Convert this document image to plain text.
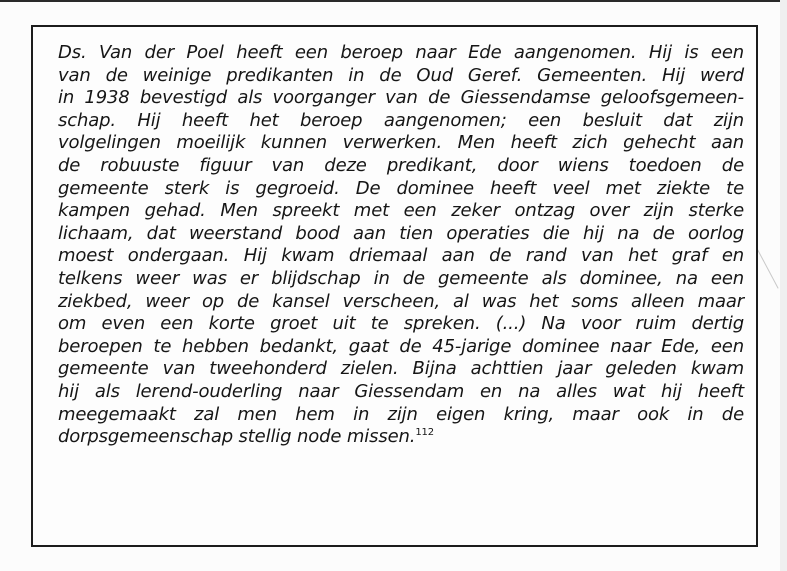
Ds. Van der Poel heeft een beroep naar Ede aangenomen. Hij is een
van de weinige predikanten in de Oud Geref. Gemeenten. Hij werd
in 1938 bevestigd als voorganger van de Giessendamse geloofsgemeen-
schap. Hij heeft het beroep aangenomen; een besluit dat zijn
volgelingen moeilijk kunnen verwerken. Men heeft zich gehecht aan
de robuuste figuur van deze predikant, door wiens toedoen de
gemeente sterk is gegroeid. De dominee heeft veel met ziekte te
kampen gehad. Men spreekt met een zeker ontzag over zijn sterke
lichaam, dat weerstand bood aan tien operaties die hij na de oorlog
moest ondergaan. Hij kwam driemaal aan de rand van het graf en
telkens weer was er blijdschap in de gemeente als dominee, na een
ziekbed, weer op de kansel verscheen, al was het soms alleen maar
om even een korte groet uit te spreken. (...) Na voor ruim dertig
beroepen te hebben bedankt, gaat de 45-jarige dominee naar Ede, een
gemeente van tweehonderd zielen. Bijna achttien jaar geleden kwam
hij als lerend-ouderling naar Giessendam en na alles wat hij heeft
meegemaakt zal men hem in zijn eigen kring, maar ook in de
dorpsgemeenschap stellig node missen.$^{112}$
